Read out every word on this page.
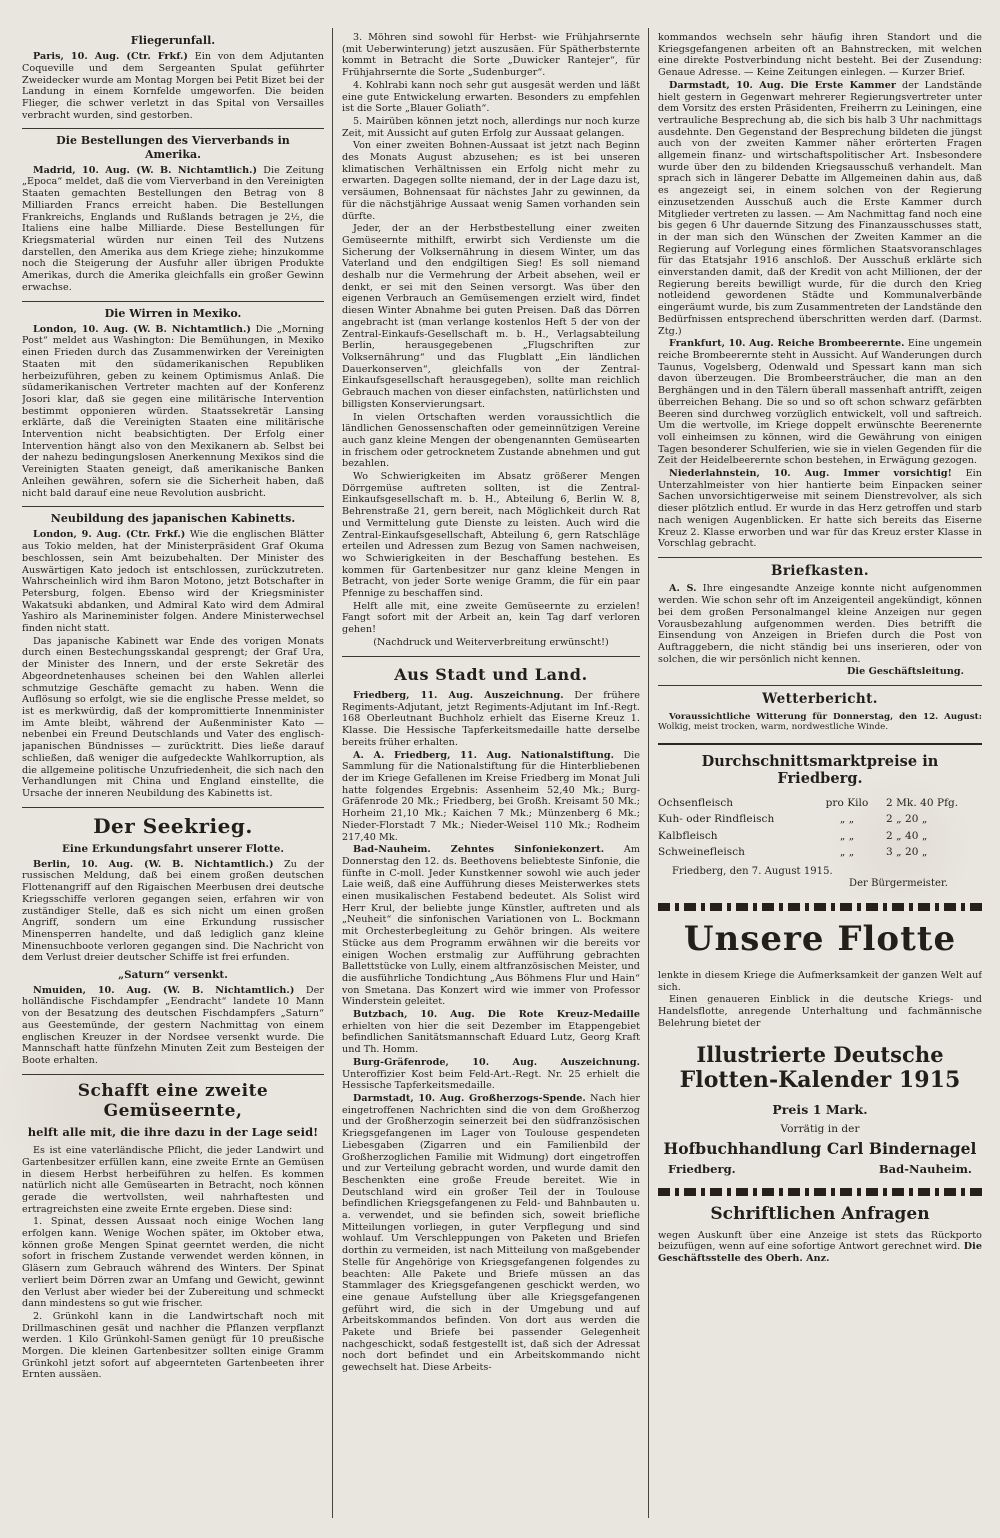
Fliegerunfall.

Paris, 10. Aug. (Ctr. Frkf.) Ein von dem Adjutanten Coqueville und dem Sergeanten Spulat geführter Zweidecker wurde am Montag Morgen bei Petit Bizet bei der Landung in einem Kornfelde umgeworfen. Die beiden Flieger, die schwer verletzt in das Spital von Versailles verbracht wurden, sind gestorben.

Die Bestellungen des Vierverbands in Amerika.

Madrid, 10. Aug. (W. B. Nichtamtlich.) Die Zeitung „Epoca“ meldet, daß die vom Vierverband in den Vereinigten Staaten gemachten Bestellungen den Betrag von 8 Milliarden Francs erreicht haben. Die Bestellungen Frankreichs, Englands und Rußlands betragen je 2½, die Italiens eine halbe Milliarde. Diese Bestellungen für Kriegsmaterial würden nur einen Teil des Nutzens darstellen, den Amerika aus dem Kriege ziehe; hinzukomme noch die Steigerung der Ausfuhr aller übrigen Produkte Amerikas, durch die Amerika gleichfalls ein großer Gewinn erwachse.

Die Wirren in Mexiko.

London, 10. Aug. (W. B. Nichtamtlich.) Die „Morning Post“ meldet aus Washington: Die Bemühungen, in Mexiko einen Frieden durch das Zusammenwirken der Vereinigten Staaten mit den südamerikanischen Republiken herbeizuführen, geben zu keinem Optimismus Anlaß. Die südamerikanischen Vertreter machten auf der Konferenz Josori klar, daß sie gegen eine militärische Intervention bestimmt opponieren würden. Staatssekretär Lansing erklärte, daß die Vereinigten Staaten eine militärische Intervention nicht beabsichtigten. Der Erfolg einer Intervention hängt also von den Mexikanern ab. Selbst bei der nahezu bedingungslosen Anerkennung Mexikos sind die Vereinigten Staaten geneigt, daß amerikanische Banken Anleihen gewähren, sofern sie die Sicherheit haben, daß nicht bald darauf eine neue Revolution ausbricht.

Neubildung des japanischen Kabinetts.

London, 9. Aug. (Ctr. Frkf.) Wie die englischen Blätter aus Tokio melden, hat der Ministerpräsident Graf Okuma beschlossen, sein Amt beizubehalten. Der Minister des Auswärtigen Kato jedoch ist entschlossen, zurückzutreten. Wahrscheinlich wird ihm Baron Motono, jetzt Botschafter in Petersburg, folgen. Ebenso wird der Kriegsminister Wakatsuki abdanken, und Admiral Kato wird dem Admiral Yashiro als Marineminister folgen. Andere Ministerwechsel finden nicht statt.

Das japanische Kabinett war Ende des vorigen Monats durch einen Bestechungsskandal gesprengt; der Graf Ura, der Minister des Innern, und der erste Sekretär des Abgeordnetenhauses scheinen bei den Wahlen allerlei schmutzige Geschäfte gemacht zu haben. Wenn die Auflösung so erfolgt, wie sie die englische Presse meldet, so ist es merkwürdig, daß der kompromittierte Innenminister im Amte bleibt, während der Außenminister Kato — nebenbei ein Freund Deutschlands und Vater des englisch-japanischen Bündnisses — zurücktritt. Dies ließe darauf schließen, daß weniger die aufgedeckte Wahlkorruption, als die allgemeine politische Unzufriedenheit, die sich nach den Verhandlungen mit China und England einstellte, die Ursache der inneren Neubildung des Kabinetts ist.

Der Seekrieg.
Eine Erkundungsfahrt unserer Flotte.

Berlin, 10. Aug. (W. B. Nichtamtlich.) Zu der russischen Meldung, daß bei einem großen deutschen Flottenangriff auf den Rigaischen Meerbusen drei deutsche Kriegsschiffe verloren gegangen seien, erfahren wir von zuständiger Stelle, daß es sich nicht um einen großen Angriff, sondern um eine Erkundung russischer Minensperren handelte, und daß lediglich ganz kleine Minensuchboote verloren gegangen sind. Die Nachricht von dem Verlust dreier deutscher Schiffe ist frei erfunden.

„Saturn“ versenkt.

Nmuiden, 10. Aug. (W. B. Nichtamtlich.) Der holländische Fischdampfer „Eendracht“ landete 10 Mann von der Besatzung des deutschen Fischdampfers „Saturn“ aus Geestemünde, der gestern Nachmittag von einem englischen Kreuzer in der Nordsee versenkt wurde. Die Mannschaft hatte fünfzehn Minuten Zeit zum Besteigen der Boote erhalten.

Schafft eine zweite Gemüseernte,
helft alle mit, die ihre dazu in der Lage seid!

Es ist eine vaterländische Pflicht, die jeder Landwirt und Gartenbesitzer erfüllen kann, eine zweite Ernte an Gemüsen in diesem Herbst herbeiführen zu helfen. Es kommen natürlich nicht alle Gemüsearten in Betracht, noch können gerade die wertvollsten, weil nahrhaftesten und ertragreichsten eine zweite Ernte ergeben. Diese sind:

1. Spinat, dessen Aussaat noch einige Wochen lang erfolgen kann. Wenige Wochen später, im Oktober etwa, können große Mengen Spinat geerntet werden, die nicht sofort in frischem Zustande verwendet werden können, in Gläsern zum Gebrauch während des Winters. Der Spinat verliert beim Dörren zwar an Umfang und Gewicht, gewinnt den Verlust aber wieder bei der Zubereitung und schmeckt dann mindestens so gut wie frischer.

2. Grünkohl kann in die Landwirtschaft noch mit Drillmaschinen gesät und nachher die Pflanzen verpflanzt werden. 1 Kilo Grünkohl-Samen genügt für 10 preußische Morgen. Die kleinen Gartenbesitzer sollten einige Gramm Grünkohl jetzt sofort auf abgeernteten Gartenbeeten ihrer Ernten aussäen.

3. Möhren sind sowohl für Herbst- wie Frühjahrsernte (mit Ueberwinterung) jetzt auszusäen. Für Spätherbsternte kommt in Betracht die Sorte „Duwicker Rantejer“, für Frühjahrsernte die Sorte „Sudenburger“.

4. Kohlrabi kann noch sehr gut ausgesät werden und läßt eine gute Entwickelung erwarten. Besonders zu empfehlen ist die Sorte „Blauer Goliath“.

5. Mairüben können jetzt noch, allerdings nur noch kurze Zeit, mit Aussicht auf guten Erfolg zur Aussaat gelangen.

Von einer zweiten Bohnen-Aussaat ist jetzt nach Beginn des Monats August abzusehen; es ist bei unseren klimatischen Verhältnissen ein Erfolg nicht mehr zu erwarten. Dagegen sollte niemand, der in der Lage dazu ist, versäumen, Bohnensaat für nächstes Jahr zu gewinnen, da für die nächstjährige Aussaat wenig Samen vorhanden sein dürfte.

Jeder, der an der Herbstbestellung einer zweiten Gemüseernte mithilft, erwirbt sich Verdienste um die Sicherung der Volksernährung in diesem Winter, um das Vaterland und den endgiltigen Sieg! Es soll niemand deshalb nur die Vermehrung der Arbeit absehen, weil er denkt, er sei mit den Seinen versorgt. Was über den eigenen Verbrauch an Gemüsemengen erzielt wird, findet diesen Winter Abnahme bei guten Preisen. Daß das Dörren angebracht ist (man verlange kostenlos Heft 5 der von der Zentral-Einkaufs-Gesellschaft m. b. H., Verlagsabteilung Berlin, herausgegebenen „Flugschriften zur Volksernährung“ und das Flugblatt „Ein ländlichen Dauerkonserven“, gleichfalls von der Zentral-Einkaufsgesellschaft herausgegeben), sollte man reichlich Gebrauch machen von dieser einfachsten, natürlichsten und billigsten Konservierungsart.

In vielen Ortschaften werden voraussichtlich die ländlichen Genossenschaften oder gemeinnützigen Vereine auch ganz kleine Mengen der obengenannten Gemüsearten in frischem oder getrocknetem Zustande abnehmen und gut bezahlen.

Wo Schwierigkeiten im Absatz größerer Mengen Dörrgemüse auftreten sollten, ist die Zentral-Einkaufsgesellschaft m. b. H., Abteilung 6, Berlin W. 8, Behrenstraße 21, gern bereit, nach Möglichkeit durch Rat und Vermittelung gute Dienste zu leisten. Auch wird die Zentral-Einkaufsgesellschaft, Abteilung 6, gern Ratschläge erteilen und Adressen zum Bezug von Samen nachweisen, wo Schwierigkeiten in der Beschaffung bestehen. Es kommen für Gartenbesitzer nur ganz kleine Mengen in Betracht, von jeder Sorte wenige Gramm, die für ein paar Pfennige zu beschaffen sind.

Helft alle mit, eine zweite Gemüseernte zu erzielen! Fangt sofort mit der Arbeit an, kein Tag darf verloren gehen!

(Nachdruck und Weiterverbreitung erwünscht!)

Aus Stadt und Land.

Friedberg, 11. Aug. Auszeichnung. Der frühere Regiments-Adjutant, jetzt Regiments-Adjutant im Inf.-Regt. 168 Oberleutnant Buchholz erhielt das Eiserne Kreuz 1. Klasse. Die Hessische Tapferkeitsmedaille hatte derselbe bereits früher erhalten.

A. A. Friedberg, 11. Aug. Nationalstiftung. Die Sammlung für die Nationalstiftung für die Hinterbliebenen der im Kriege Gefallenen im Kreise Friedberg im Monat Juli hatte folgendes Ergebnis: Assenheim 52,40 Mk.; Burg-Gräfenrode 20 Mk.; Friedberg, bei Großh. Kreisamt 50 Mk.; Horheim 21,10 Mk.; Kaichen 7 Mk.; Münzenberg 6 Mk.; Nieder-Florstadt 7 Mk.; Nieder-Weisel 110 Mk.; Rodheim 217,40 Mk.

Bad-Nauheim. Zehntes Sinfoniekonzert. Am Donnerstag den 12. ds. Beethovens beliebteste Sinfonie, die fünfte in C-moll. Jeder Kunstkenner sowohl wie auch jeder Laie weiß, daß eine Aufführung dieses Meisterwerkes stets einen musikalischen Festabend bedeutet. Als Solist wird Herr Krul, der beliebte junge Künstler, auftreten und als „Neuheit“ die sinfonischen Variationen von L. Bockmann mit Orchesterbegleitung zu Gehör bringen. Als weitere Stücke aus dem Programm erwähnen wir die bereits vor einigen Wochen erstmalig zur Aufführung gebrachten Ballettstücke von Lully, einem altfranzösischen Meister, und die ausführliche Tondichtung „Aus Böhmens Flur und Hain“ von Smetana. Das Konzert wird wie immer von Professor Winderstein geleitet.

Butzbach, 10. Aug. Die Rote Kreuz-Medaille erhielten von hier die seit Dezember im Etappengebiet befindlichen Sanitätsmannschaft Eduard Lutz, Georg Kraft und Th. Homm.

Burg-Gräfenrode, 10. Aug. Auszeichnung. Unteroffizier Kost beim Feld-Art.-Regt. Nr. 25 erhielt die Hessische Tapferkeitsmedaille.

Darmstadt, 10. Aug. Großherzogs-Spende. Nach hier eingetroffenen Nachrichten sind die von dem Großherzog und der Großherzogin seinerzeit bei den südfranzösischen Kriegsgefangenen im Lager von Toulouse gespendeten Liebesgaben (Zigarren und ein Familienbild der Großherzoglichen Familie mit Widmung) dort eingetroffen und zur Verteilung gebracht worden, und wurde damit den Beschenkten eine große Freude bereitet. Wie in Deutschland wird ein großer Teil der in Toulouse befindlichen Kriegsgefangenen zu Feld- und Bahnbauten u. a. verwendet, und sie befinden sich, soweit briefliche Mitteilungen vorliegen, in guter Verpflegung und sind wohlauf. Um Verschleppungen von Paketen und Briefen dorthin zu vermeiden, ist nach Mitteilung von maßgebender Stelle für Angehörige von Kriegsgefangenen folgendes zu beachten: Alle Pakete und Briefe müssen an das Stammlager des Kriegsgefangenen geschickt werden, wo eine genaue Aufstellung über alle Kriegsgefangenen geführt wird, die sich in der Umgebung und auf Arbeitskommandos befinden. Von dort aus werden die Pakete und Briefe bei passender Gelegenheit nachgeschickt, sodaß festgestellt ist, daß sich der Adressat noch dort befindet und ein Arbeitskommando nicht gewechselt hat. Diese Arbeits-

kommandos wechseln sehr häufig ihren Standort und die Kriegsgefangenen arbeiten oft an Bahnstrecken, mit welchen eine direkte Postverbindung nicht besteht. Bei der Zusendung: Genaue Adresse. — Keine Zeitungen einlegen. — Kurzer Brief.

Darmstadt, 10. Aug. Die Erste Kammer der Landstände hielt gestern in Gegenwart mehrerer Regierungsvertreter unter dem Vorsitz des ersten Präsidenten, Freiherrn zu Leiningen, eine vertrauliche Besprechung ab, die sich bis halb 3 Uhr nachmittags ausdehnte. Den Gegenstand der Besprechung bildeten die jüngst auch von der zweiten Kammer näher erörterten Fragen allgemein finanz- und wirtschaftspolitischer Art. Insbesondere wurde über den zu bildenden Kriegsausschuß verhandelt. Man sprach sich in längerer Debatte im Allgemeinen dahin aus, daß es angezeigt sei, in einem solchen von der Regierung einzusetzenden Ausschuß auch die Erste Kammer durch Mitglieder vertreten zu lassen. — Am Nachmittag fand noch eine bis gegen 6 Uhr dauernde Sitzung des Finanzausschusses statt, in der man sich den Wünschen der Zweiten Kammer an die Regierung auf Vorlegung eines förmlichen Staatsvoranschlages für das Etatsjahr 1916 anschloß. Der Ausschuß erklärte sich einverstanden damit, daß der Kredit von acht Millionen, der der Regierung bereits bewilligt wurde, für die durch den Krieg notleidend gewordenen Städte und Kommunalverbände eingeräumt wurde, bis zum Zusammentreten der Landstände den Bedürfnissen entsprechend überschritten werden darf. (Darmst. Ztg.)

Frankfurt, 10. Aug. Reiche Brombeerernte. Eine ungemein reiche Brombeerernte steht in Aussicht. Auf Wanderungen durch Taunus, Vogelsberg, Odenwald und Spessart kann man sich davon überzeugen. Die Brombeersträucher, die man an den Berghängen und in den Tälern überall massenhaft antrifft, zeigen überreichen Behang. Die so und so oft schon schwarz gefärbten Beeren sind durchweg vorzüglich entwickelt, voll und saftreich. Um die wertvolle, im Kriege doppelt erwünschte Beerenernte voll einheimsen zu können, wird die Gewährung von einigen Tagen besonderer Schulferien, wie sie in vielen Gegenden für die Zeit der Heidelbeerernte schon bestehen, in Erwägung gezogen.

Niederlahnstein, 10. Aug. Immer vorsichtig! Ein Unterzahlmeister von hier hantierte beim Einpacken seiner Sachen unvorsichtigerweise mit seinem Dienstrevolver, als sich dieser plötzlich entlud. Er wurde in das Herz getroffen und starb nach wenigen Augenblicken. Er hatte sich bereits das Eiserne Kreuz 2. Klasse erworben und war für das Kreuz erster Klasse in Vorschlag gebracht.

Briefkasten.

A. S. Ihre eingesandte Anzeige konnte nicht aufgenommen werden. Wie schon sehr oft im Anzeigenteil angekündigt, können bei dem großen Personalmangel kleine Anzeigen nur gegen Vorausbezahlung aufgenommen werden. Dies betrifft die Einsendung von Anzeigen in Briefen durch die Post von Auftraggebern, die nicht ständig bei uns inserieren, oder von solchen, die wir persönlich nicht kennen.

Die Geschäftsleitung.

Wetterbericht.

Voraussichtliche Witterung für Donnerstag, den 12. August: Wolkig, meist trocken, warm, nordwestliche Winde.

Durchschnittsmarktpreise in Friedberg.
Ochsenfleisch	pro Kilo	2 Mk. 40 Pfg.
Kuh- oder Rindfleisch	„ „	2 „ 20 „
Kalbfleisch	„ „	2 „ 40 „
Schweinefleisch	„ „	3 „ 20 „
Friedberg, den 7. August 1915.
Der Bürgermeister.
Unsere Flotte

lenkte in diesem Kriege die Aufmerksamkeit der ganzen Welt auf sich.

Einen genaueren Einblick in die deutsche Kriegs- und Handelsflotte, anregende Unterhaltung und fachmännische Belehrung bietet der

Illustrierte Deutsche
Flotten-Kalender 1915
Preis 1 Mark.
Vorrätig in der
Hofbuchhandlung Carl Bindernagel
Friedberg.	Bad-Nauheim.
Schriftlichen Anfragen

wegen Auskunft über eine Anzeige ist stets das Rückporto beizufügen, wenn auf eine sofortige Antwort gerechnet wird. Die Geschäftsstelle des Oberh. Anz.
